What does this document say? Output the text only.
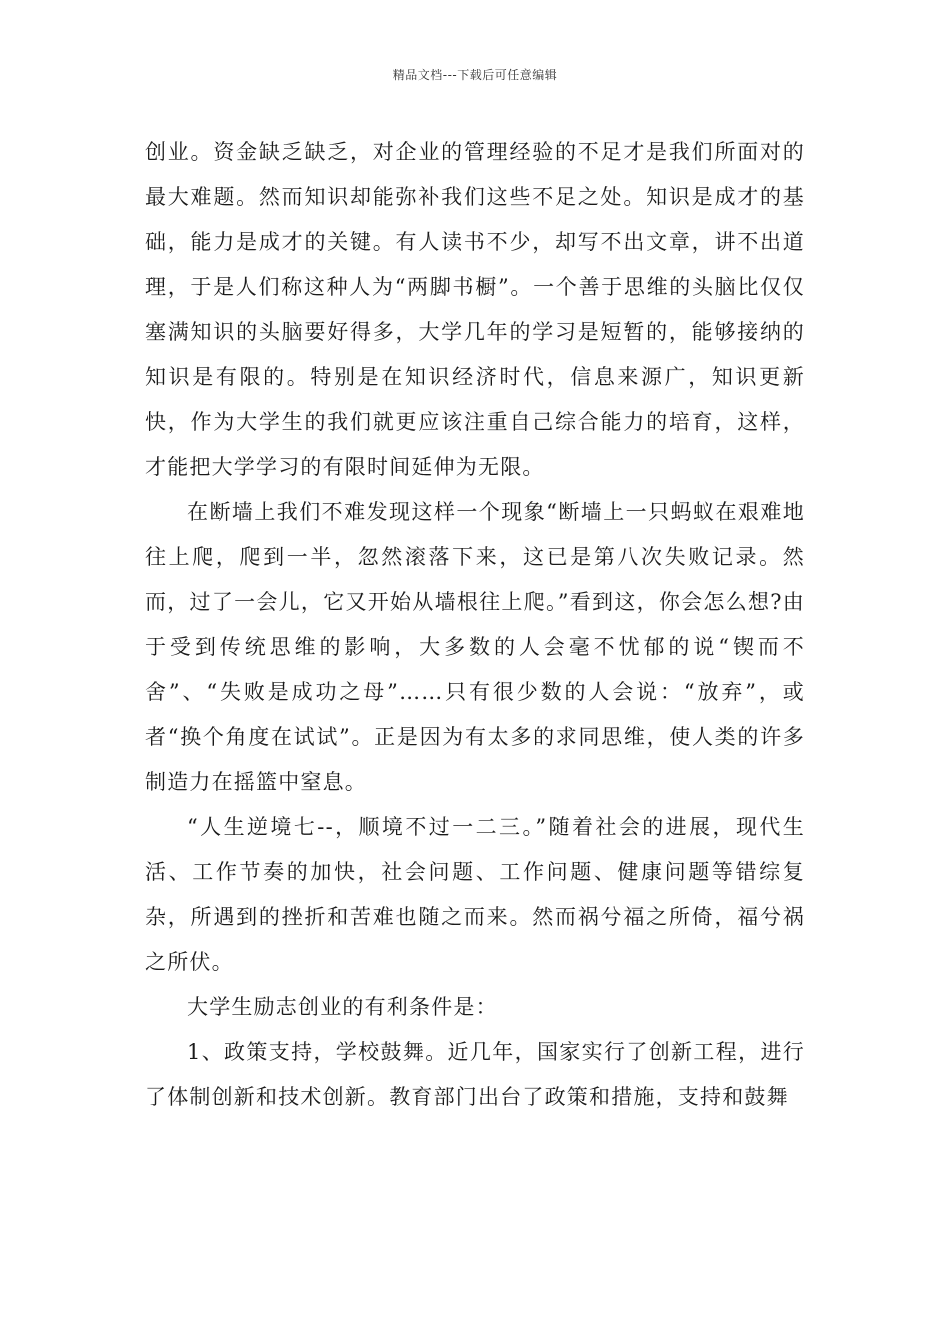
精品文档---下载后可任意编辑

创业。资金缺乏缺乏，对企业的管理经验的不足才是我们所面对的最大难题。然而知识却能弥补我们这些不足之处。知识是成才的基础，能力是成才的关键。有人读书不少，却写不出文章，讲不出道理，于是人们称这种人为“两脚书橱”。一个善于思维的头脑比仅仅塞满知识的头脑要好得多，大学几年的学习是短暂的，能够接纳的知识是有限的。特别是在知识经济时代，信息来源广，知识更新快，作为大学生的我们就更应该注重自己综合能力的培育，这样，才能把大学学习的有限时间延伸为无限。

在断墙上我们不难发现这样一个现象“断墙上一只蚂蚁在艰难地往上爬，爬到一半，忽然滚落下来，这已是第八次失败记录。然而，过了一会儿，它又开始从墙根往上爬。”看到这，你会怎么想?由于受到传统思维的影响，大多数的人会毫不忧郁的说“锲而不舍”、“失败是成功之母”……只有很少数的人会说：“放弃”，或者“换个角度在试试”。正是因为有太多的求同思维，使人类的许多制造力在摇篮中窒息。

“人生逆境七--，顺境不过一二三。”随着社会的进展，现代生活、工作节奏的加快，社会问题、工作问题、健康问题等错综复杂，所遇到的挫折和苦难也随之而来。然而祸兮福之所倚，福兮祸之所伏。

大学生励志创业的有利条件是：

1、政策支持，学校鼓舞。近几年，国家实行了创新工程，进行了体制创新和技术创新。教育部门出台了政策和措施，支持和鼓舞
